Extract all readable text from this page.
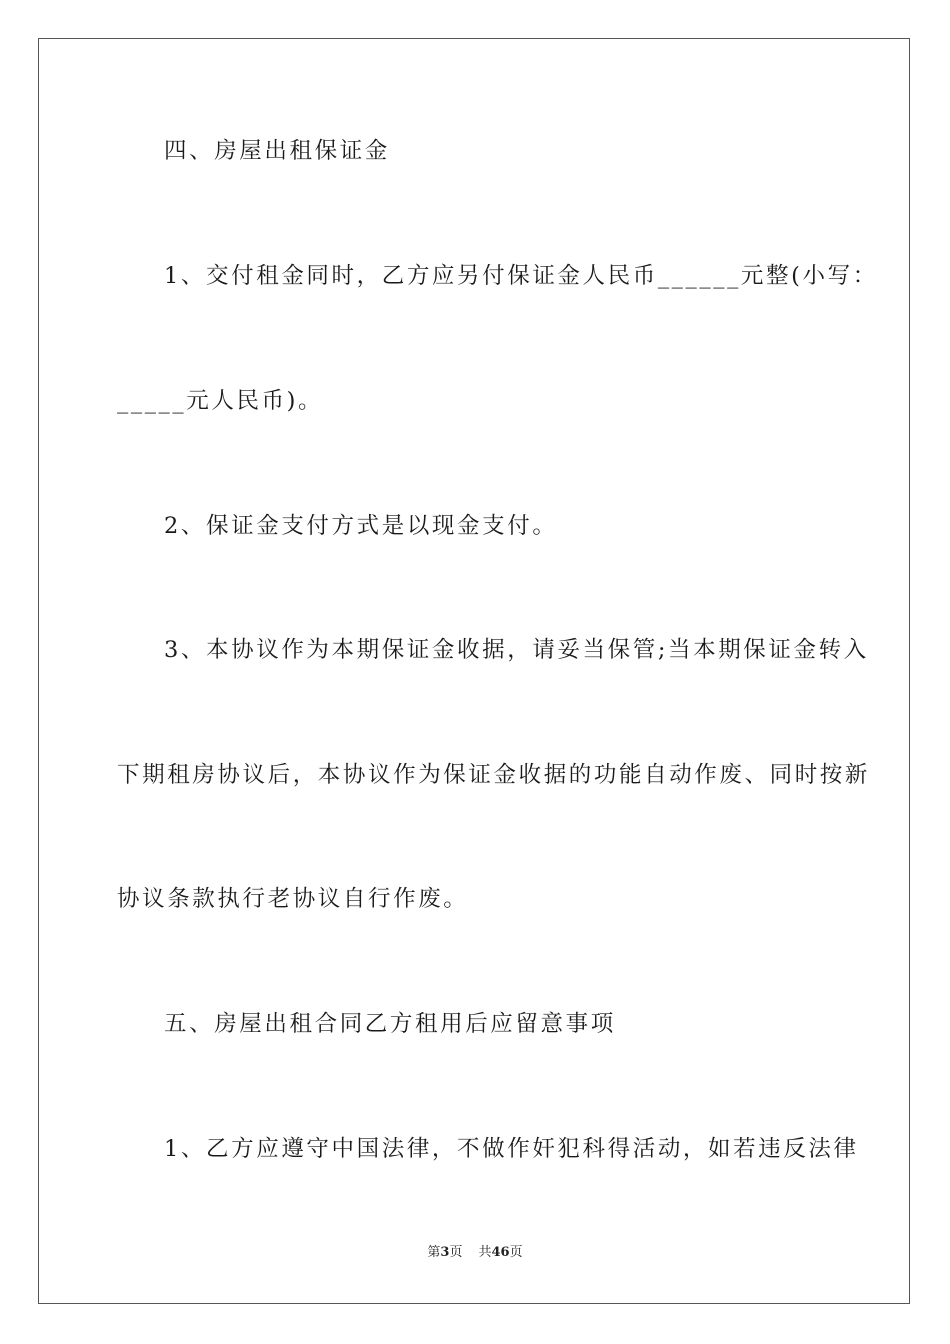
四、房屋出租保证金
1、交付租金同时，乙方应另付保证金人民币______元整(小写：
_____元人民币)。
2、保证金支付方式是以现金支付。
3、本协议作为本期保证金收据，请妥当保管;当本期保证金转入
下期租房协议后，本协议作为保证金收据的功能自动作废、同时按新
协议条款执行老协议自行作废。
五、房屋出租合同乙方租用后应留意事项
1、乙方应遵守中国法律，不做作奸犯科得活动，如若违反法律
第3页 共46页
